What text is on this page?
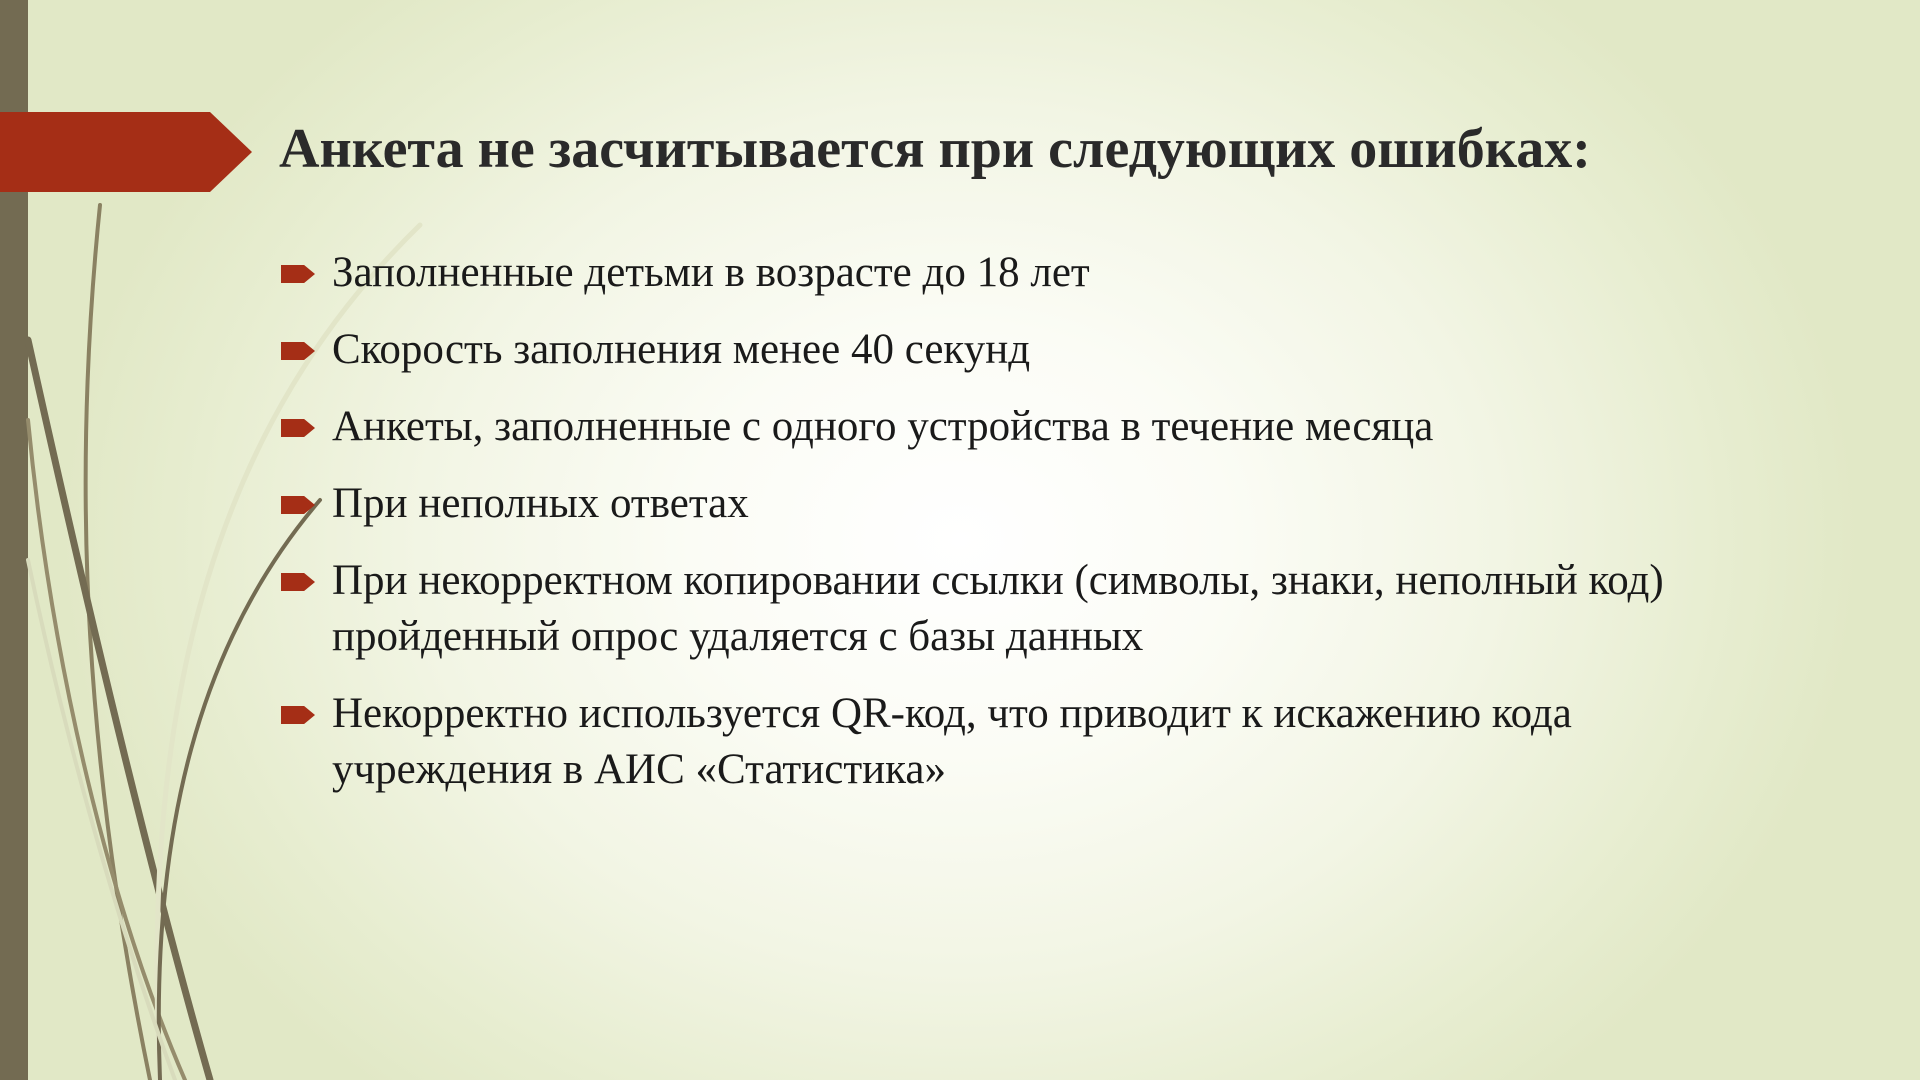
Анкета не засчитывается при следующих ошибках:
Заполненные детьми в возрасте до 18 лет
Скорость заполнения менее 40 секунд
Анкеты, заполненные с одного устройства в течение месяца
При неполных ответах
При некорректном копировании ссылки (символы, знаки, неполный код) пройденный опрос удаляется с базы данных
Некорректно используется QR-код, что приводит к искажению кода учреждения в АИС «Статистика»
